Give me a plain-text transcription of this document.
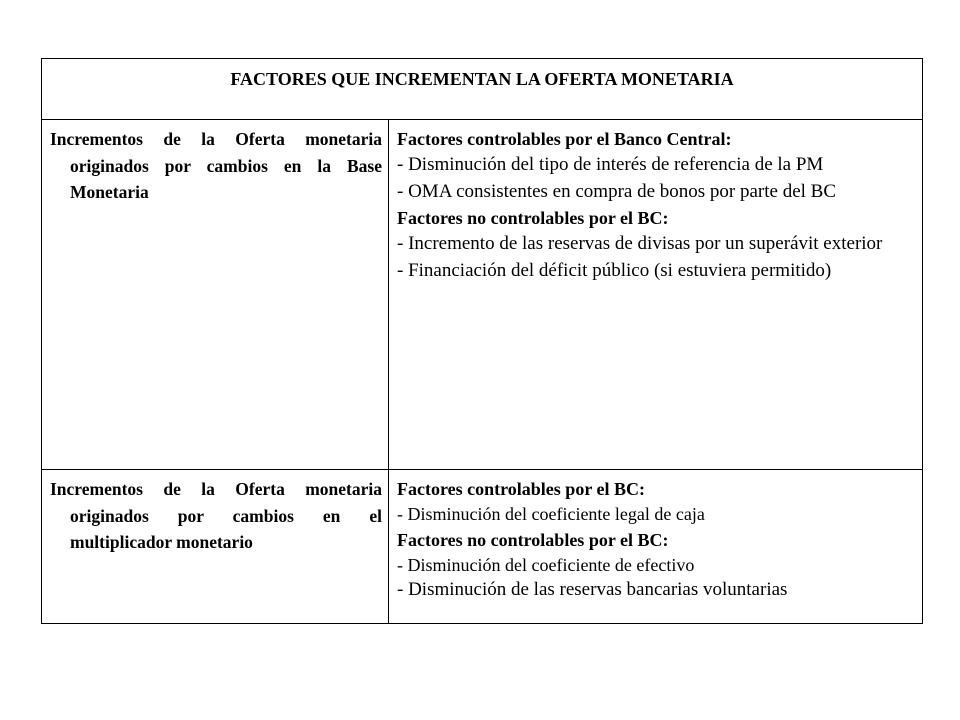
FACTORES QUE INCREMENTAN LA OFERTA MONETARIA
Incrementos de la Oferta monetaria originados por cambios en la Base Monetaria
Factores controlables por el Banco Central:
- Disminución del tipo de interés de referencia de la PM
- OMA consistentes en compra de bonos por parte del BC
Factores no controlables por el BC:
- Incremento de las reservas de divisas por un superávit exterior
- Financiación del déficit público (si estuviera permitido)
Incrementos de la Oferta monetaria originados por cambios en el multiplicador monetario
Factores controlables por el BC:
- Disminución del coeficiente legal de caja
Factores no controlables por el BC:
- Disminución del coeficiente de efectivo
- Disminución de las reservas bancarias voluntarias
